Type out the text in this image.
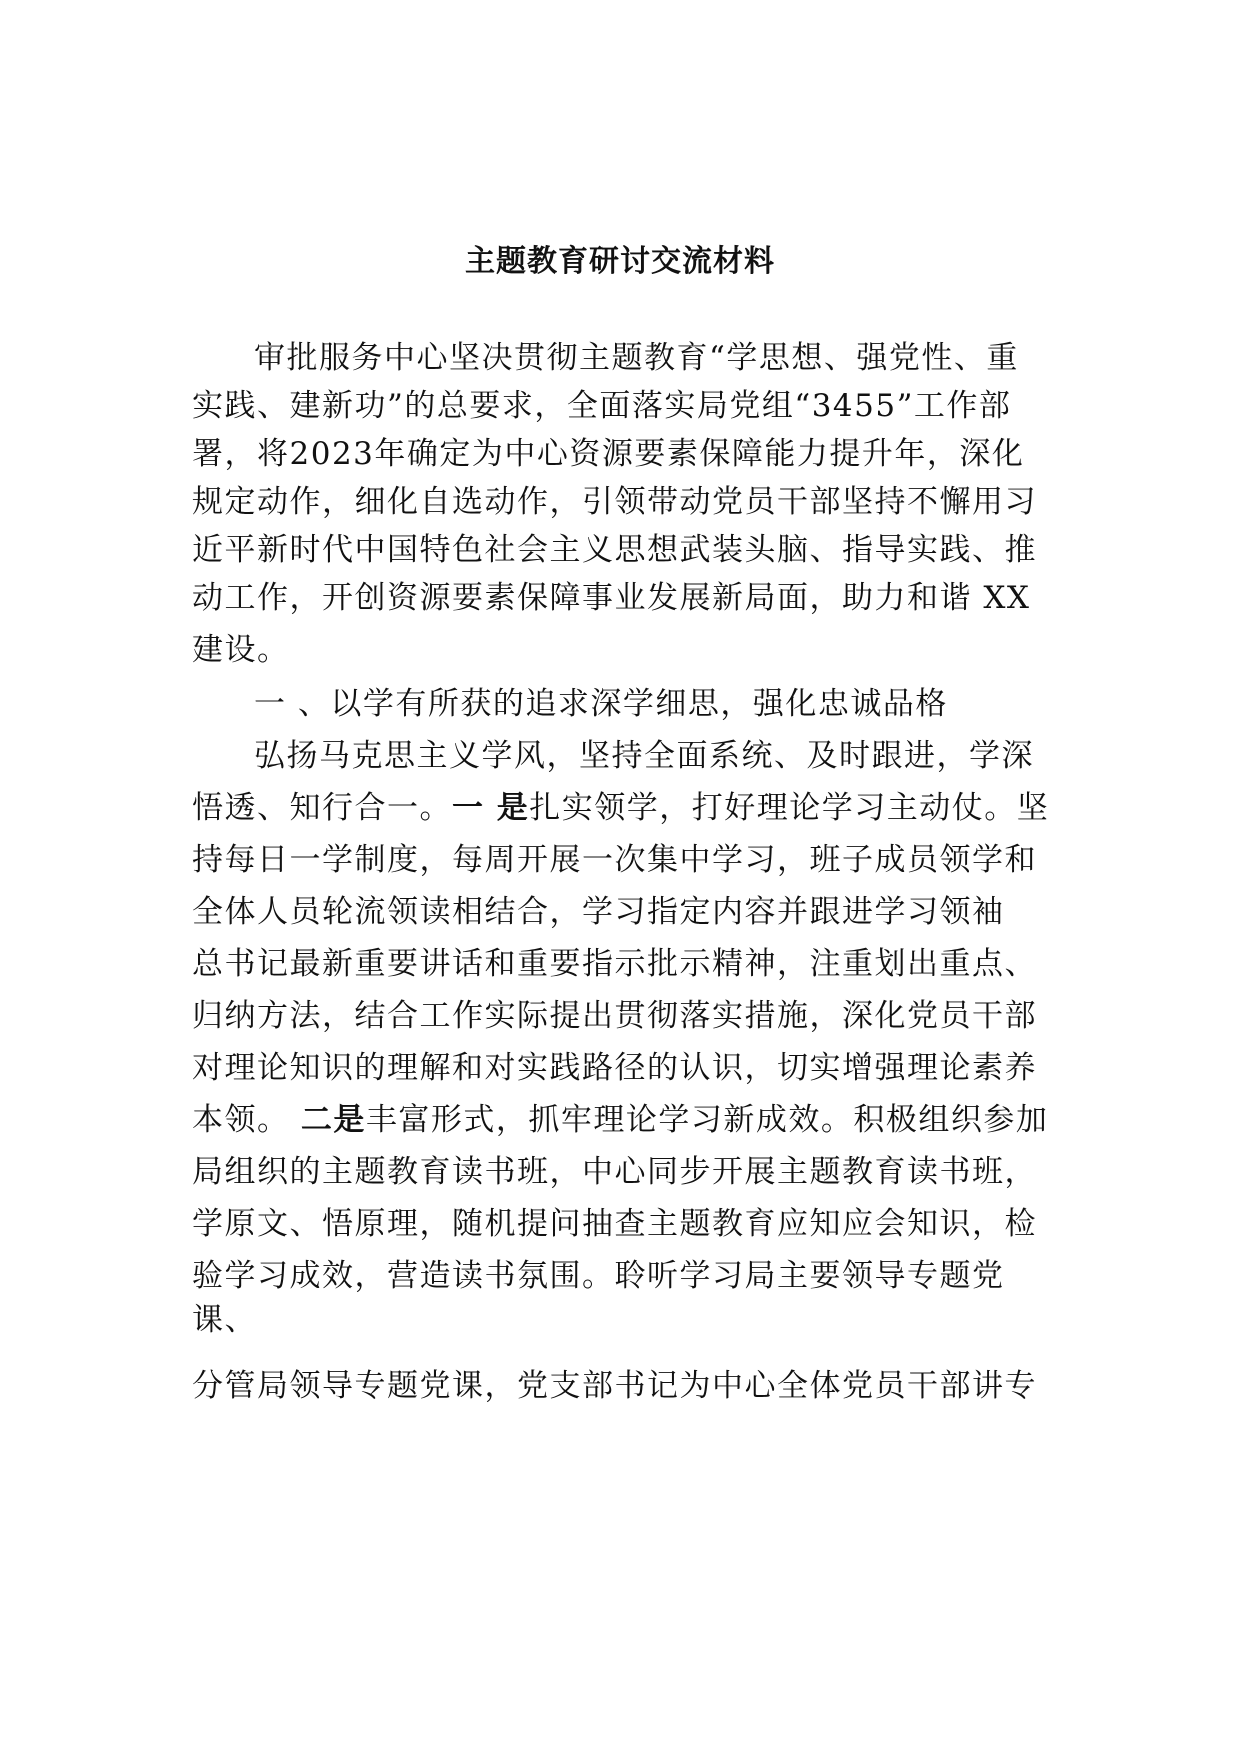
主题教育研讨交流材料
审批服务中心坚决贯彻主题教育“学思想、强党性、重
实践、建新功”的总要求，全面落实局党组“3455”工作部
署，将2023年确定为中心资源要素保障能力提升年，深化
规定动作，细化自选动作，引领带动党员干部坚持不懈用习
近平新时代中国特色社会主义思想武装头脑、指导实践、推
动工作，开创资源要素保障事业发展新局面，助力和谐 XX
建设。
一 、以学有所获的追求深学细思，强化忠诚品格
弘扬马克思主义学风，坚持全面系统、及时跟进，学深
悟透、知行合一。一 是扎实领学，打好理论学习主动仗。坚
持每日一学制度，每周开展一次集中学习，班子成员领学和
全体人员轮流领读相结合，学习指定内容并跟进学习领袖
总书记最新重要讲话和重要指示批示精神，注重划出重点、
归纳方法，结合工作实际提出贯彻落实措施，深化党员干部
对理论知识的理解和对实践路径的认识，切实增强理论素养
本领。 二是丰富形式，抓牢理论学习新成效。积极组织参加
局组织的主题教育读书班，中心同步开展主题教育读书班，
学原文、悟原理，随机提问抽查主题教育应知应会知识，检
验学习成效，营造读书氛围。聆听学习局主要领导专题党
课、
分管局领导专题党课，党支部书记为中心全体党员干部讲专
